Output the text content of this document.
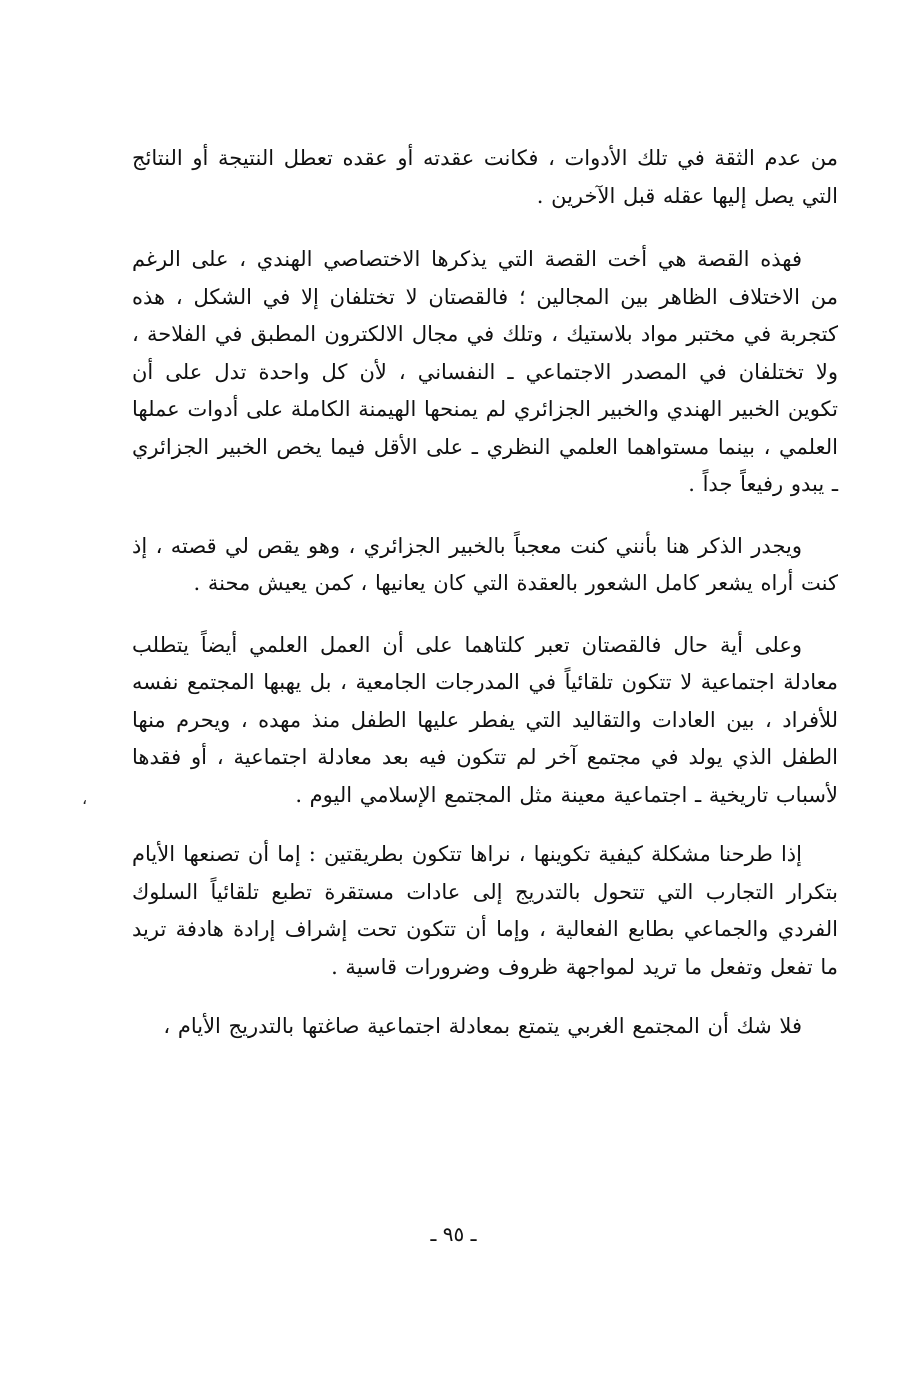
من عدم الثقة في تلك الأدوات ، فكانت عقدته أو عقده تعطل النتيجة أو النتائج التي يصل إليها عقله قبل الآخرين .

فهذه القصة هي أخت القصة التي يذكرها الاختصاصي الهندي ، على الرغم من الاختلاف الظاهر بين المجالين ؛ فالقصتان لا تختلفان إلا في الشكل ، هذه كتجربة في مختبر مواد بلاستيك ، وتلك في مجال الالكترون المطبق في الفلاحة ، ولا تختلفان في المصدر الاجتماعي ـ النفساني ، لأن كل واحدة تدل على أن تكوين الخبير الهندي والخبير الجزائري لم يمنحها الهيمنة الكاملة على أدوات عملها العلمي ، بينما مستواهما العلمي النظري ـ على الأقل فيما يخص الخبير الجزائري ـ يبدو رفيعاً جداً .

ويجدر الذكر هنا بأنني كنت معجباً بالخبير الجزائري ، وهو يقص لي قصته ، إذ كنت أراه يشعر كامل الشعور بالعقدة التي كان يعانيها ، كمن يعيش محنة .

وعلى أية حال فالقصتان تعبر كلتاهما على أن العمل العلمي أيضاً يتطلب معادلة اجتماعية لا تتكون تلقائياً في المدرجات الجامعية ، بل يهبها المجتمع نفسه للأفراد ، بين العادات والتقاليد التي يفطر عليها الطفل منذ مهده ، ويحرم منها الطفل الذي يولد في مجتمع آخر لم تتكون فيه بعد معادلة اجتماعية ، أو فقدها لأسباب تاريخية ـ اجتماعية معينة مثل المجتمع الإسلامي اليوم .

إذا طرحنا مشكلة كيفية تكوينها ، نراها تتكون بطريقتين : إما أن تصنعها الأيام بتكرار التجارب التي تتحول بالتدريج إلى عادات مستقرة تطبع تلقائياً السلوك الفردي والجماعي بطابع الفعالية ، وإما أن تتكون تحت إشراف إرادة هادفة تريد ما تفعل وتفعل ما تريد لمواجهة ظروف وضرورات قاسية .

فلا شك أن المجتمع الغربي يتمتع بمعادلة اجتماعية صاغتها بالتدريج الأيام ،

،
ـ ٩٥ ـ
